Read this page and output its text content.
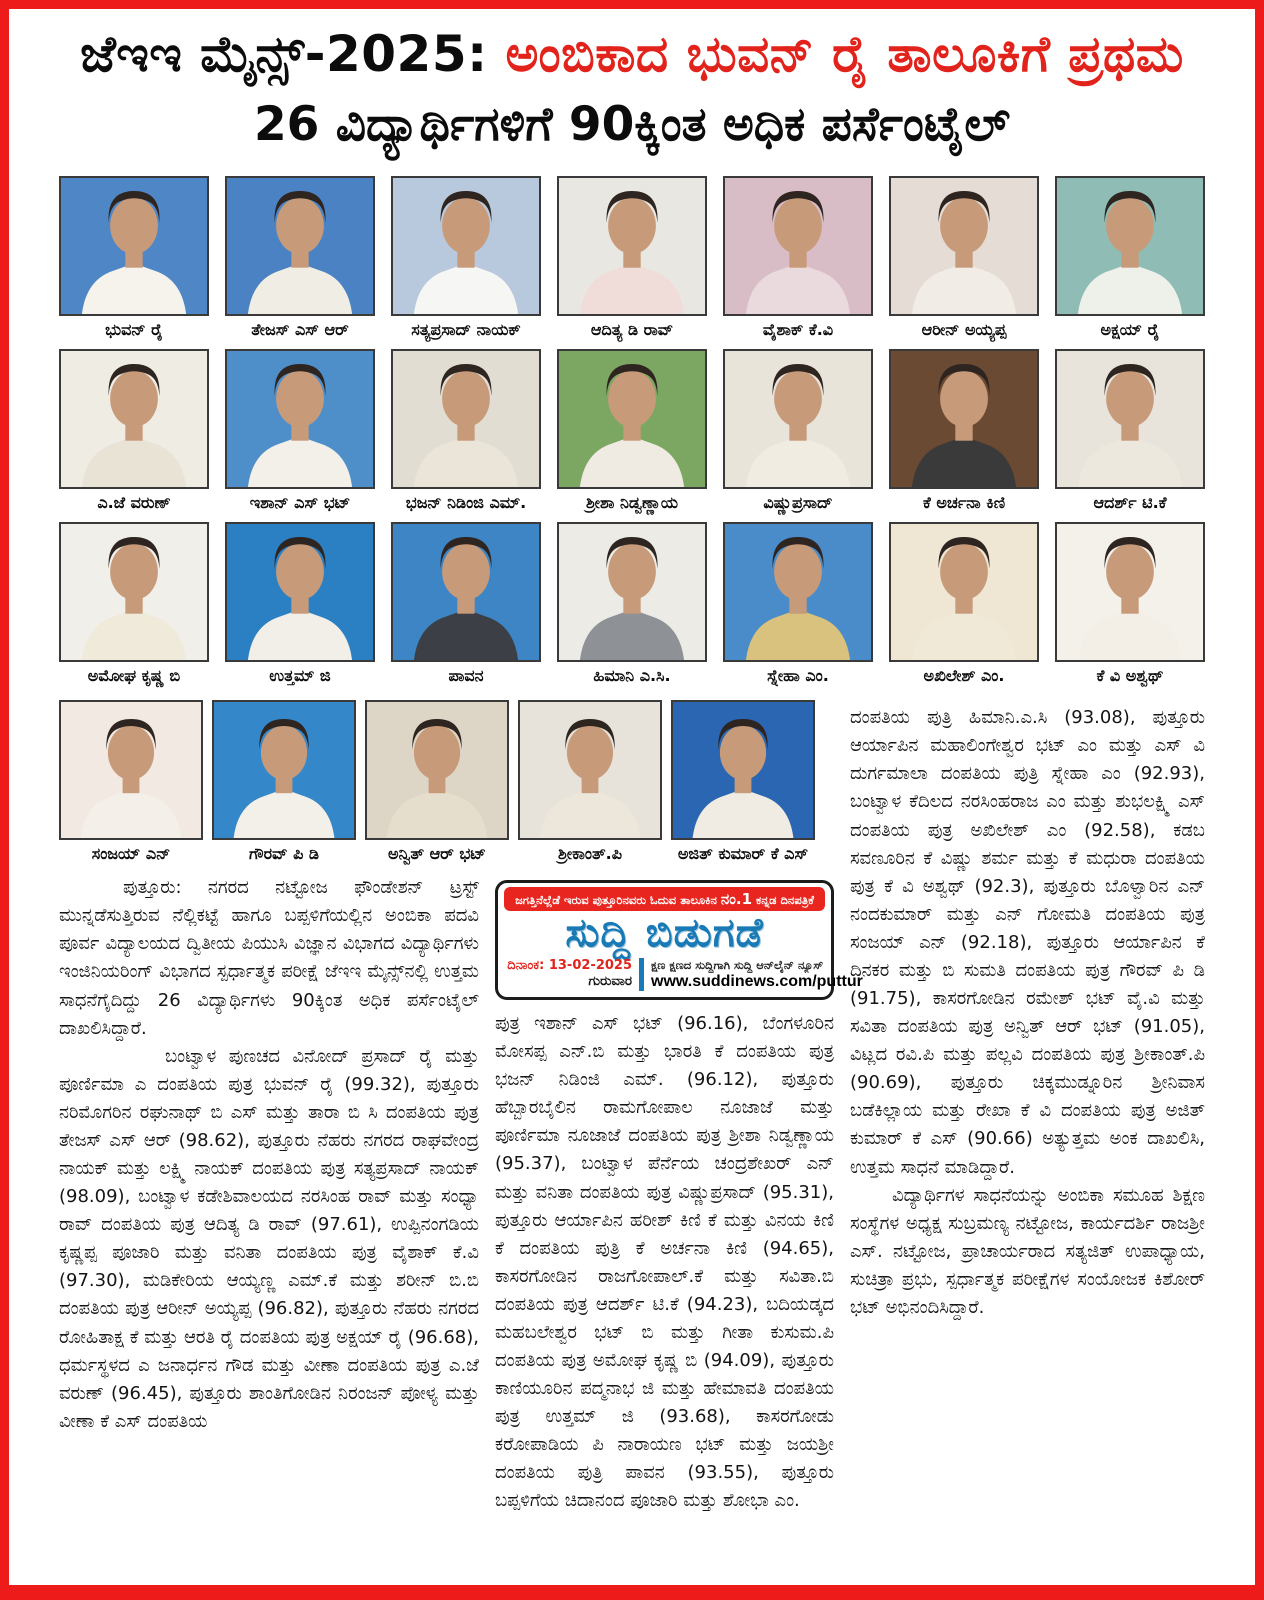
ಜೆಇಇ ಮೈನ್ಸ್-2025: ಅಂಬಿಕಾದ ಭುವನ್ ರೈ ತಾಲೂಕಿಗೆ ಪ್ರಥಮ
26 ವಿದ್ಯಾರ್ಥಿಗಳಿಗೆ 90ಕ್ಕಿಂತ ಅಧಿಕ ಪರ್ಸೆಂಟೈಲ್
ಭುವನ್ ರೈ	ತೇಜಸ್ ಎಸ್ ಆರ್	ಸತ್ಯಪ್ರಸಾದ್ ನಾಯಕ್	ಆದಿತ್ಯ ಡಿ ರಾವ್	ವೈಶಾಕ್ ಕೆ.ವಿ	ಆರೀನ್ ಅಯ್ಯಪ್ಪ	ಅಕ್ಷಯ್ ರೈ
ಎ.ಜೆ ವರುಣ್	ಇಶಾನ್ ಎಸ್ ಭಟ್	ಭಜನ್ ನಿಡಿಂಜಿ ಎಮ್.	ಶ್ರೀಶಾ ನಿಡ್ವಣ್ಣಾಯ	ವಿಷ್ಣುಪ್ರಸಾದ್	ಕೆ ಅರ್ಚನಾ ಕಿಣಿ	ಆದರ್ಶ್ ಟಿ.ಕೆ
ಅಮೋಘ ಕೃಷ್ಣ ಬಿ	ಉತ್ತಮ್ ಜಿ	ಪಾವನ	ಹಿಮಾನಿ ಎ.ಸಿ.	ಸ್ನೇಹಾ ಎಂ.	ಅಖಿಲೇಶ್ ಎಂ.	ಕೆ ವಿ ಅಶ್ವಥ್
ಸಂಜಯ್ ಎನ್	ಗೌರವ್ ಪಿ ಡಿ	ಅನ್ವಿತ್ ಆರ್ ಭಟ್	ಶ್ರೀಕಾಂತ್.ಪಿ	ಅಜಿತ್ ಕುಮಾರ್ ಕೆ ಎಸ್

ಪುತ್ತೂರು: ನಗರದ ನಟ್ಟೋಜ ಫೌಂಡೇಶನ್ ಟ್ರಸ್ಟ್ ಮುನ್ನಡೆಸುತ್ತಿರುವ ನೆಲ್ಲಿಕಟ್ಟೆ ಹಾಗೂ ಬಪ್ಪಳಿಗೆಯಲ್ಲಿನ ಅಂಬಿಕಾ ಪದವಿ ಪೂರ್ವ ವಿದ್ಯಾಲಯದ ದ್ವಿತೀಯ ಪಿಯುಸಿ ವಿಜ್ಞಾನ ವಿಭಾಗದ ವಿದ್ಯಾರ್ಥಿಗಳು ಇಂಜಿನಿಯರಿಂಗ್ ವಿಭಾಗದ ಸ್ಪರ್ಧಾತ್ಮಕ ಪರೀಕ್ಷೆ ಜೆಇಇ ಮೈನ್ಸ್‌ನಲ್ಲಿ ಉತ್ತಮ ಸಾಧನೆಗೈದಿದ್ದು 26 ವಿದ್ಯಾರ್ಥಿಗಳು 90ಕ್ಕಿಂತ ಅಧಿಕ ಪರ್ಸೆಂಟೈಲ್ ದಾಖಲಿಸಿದ್ದಾರೆ.

ಬಂಟ್ವಾಳ ಪುಣಚದ ವಿನೋದ್ ಪ್ರಸಾದ್ ರೈ ಮತ್ತು ಪೂರ್ಣಿಮಾ ಎ ದಂಪತಿಯ ಪುತ್ರ ಭುವನ್ ರೈ (99.32), ಪುತ್ತೂರು ನರಿಮೊಗರಿನ ರಘುನಾಥ್ ಬಿ ಎಸ್ ಮತ್ತು ತಾರಾ ಬಿ ಸಿ ದಂಪತಿಯ ಪುತ್ರ ತೇಜಸ್ ಎಸ್ ಆರ್ (98.62), ಪುತ್ತೂರು ನೆಹರು ನಗರದ ರಾಘವೇಂದ್ರ ನಾಯಕ್ ಮತ್ತು ಲಕ್ಷ್ಮಿ ನಾಯಕ್ ದಂಪತಿಯ ಪುತ್ರ ಸತ್ಯಪ್ರಸಾದ್ ನಾಯಕ್ (98.09), ಬಂಟ್ವಾಳ ಕಡೇಶಿವಾಲಯದ ನರಸಿಂಹ ರಾವ್ ಮತ್ತು ಸಂಧ್ಯಾ ರಾವ್ ದಂಪತಿಯ ಪುತ್ರ ಆದಿತ್ಯ ಡಿ ರಾವ್ (97.61), ಉಪ್ಪಿನಂಗಡಿಯ ಕೃಷ್ಣಪ್ಪ ಪೂಜಾರಿ ಮತ್ತು ವನಿತಾ ದಂಪತಿಯ ಪುತ್ರ ವೈಶಾಕ್ ಕೆ.ವಿ (97.30), ಮಡಿಕೇರಿಯ ಆಯ್ಯಣ್ಣ ಎಮ್.ಕೆ ಮತ್ತು ಶರೀನ್ ಬಿ.ಬಿ ದಂಪತಿಯ ಪುತ್ರ ಆರೀನ್ ಅಯ್ಯಪ್ಪ (96.82), ಪುತ್ತೂರು ನೆಹರು ನಗರದ ರೋಹಿತಾಕ್ಷ ಕೆ ಮತ್ತು ಆರತಿ ರೈ ದಂಪತಿಯ ಪುತ್ರ ಅಕ್ಷಯ್ ರೈ (96.68), ಧರ್ಮಸ್ಥಳದ ಎ ಜನಾರ್ಧನ ಗೌಡ ಮತ್ತು ವೀಣಾ ದಂಪತಿಯ ಪುತ್ರ ಎ.ಜೆ ವರುಣ್ (96.45), ಪುತ್ತೂರು ಶಾಂತಿಗೋಡಿನ ನಿರಂಜನ್ ಪೋಳ್ಯ ಮತ್ತು ವೀಣಾ ಕೆ ಎಸ್ ದಂಪತಿಯ

ಜಗತ್ತಿನೆಲ್ಲೆಡೆ ಇರುವ ಪುತ್ತೂರಿನವರು ಓದುವ ತಾಲೂಕಿನ ನಂ.1 ಕನ್ನಡ ದಿನಪತ್ರಿಕೆ
ಸುದ್ದಿ ಬಿಡುಗಡೆ
ದಿನಾಂಕ: 13-02-2025
ಗುರುವಾರ
ಕ್ಷಣ ಕ್ಷಣದ ಸುದ್ದಿಗಾಗಿ ಸುದ್ದಿ ಆನ್‌ಲೈನ್ ನ್ಯೂಸ್
www.suddinews.com/puttur

ಪುತ್ರ ಇಶಾನ್ ಎಸ್ ಭಟ್ (96.16), ಬೆಂಗಳೂರಿನ ಮೋಸಪ್ಪ ಎನ್.ಬಿ ಮತ್ತು ಭಾರತಿ ಕೆ ದಂಪತಿಯ ಪುತ್ರ ಭಜನ್ ನಿಡಿಂಜಿ ಎಮ್. (96.12), ಪುತ್ತೂರು ಹೆಬ್ಬಾರಬೈಲಿನ ರಾಮಗೋಪಾಲ ನೂಜಾಜೆ ಮತ್ತು ಪೂರ್ಣಿಮಾ ನೂಜಾಜೆ ದಂಪತಿಯ ಪುತ್ರ ಶ್ರೀಶಾ ನಿಡ್ವಣ್ಣಾಯ (95.37), ಬಂಟ್ವಾಳ ಪೆರ್ನೆಯ ಚಂದ್ರಶೇಖರ್ ಎನ್ ಮತ್ತು ವನಿತಾ ದಂಪತಿಯ ಪುತ್ರ ವಿಷ್ಣುಪ್ರಸಾದ್ (95.31), ಪುತ್ತೂರು ಆರ್ಯಾಪಿನ ಹರೀಶ್ ಕಿಣಿ ಕೆ ಮತ್ತು ವಿನಯ ಕಿಣಿ ಕೆ ದಂಪತಿಯ ಪುತ್ರಿ ಕೆ ಅರ್ಚನಾ ಕಿಣಿ (94.65), ಕಾಸರಗೋಡಿನ ರಾಜಗೋಪಾಲ್.ಕೆ ಮತ್ತು ಸವಿತಾ.ಬಿ ದಂಪತಿಯ ಪುತ್ರ ಆದರ್ಶ್ ಟಿ.ಕೆ (94.23), ಬದಿಯಡ್ಕದ ಮಹಬಲೇಶ್ವರ ಭಟ್ ಬಿ ಮತ್ತು ಗೀತಾ ಕುಸುಮ.ಪಿ ದಂಪತಿಯ ಪುತ್ರ ಅಮೋಘ ಕೃಷ್ಣ ಬಿ (94.09), ಪುತ್ತೂರು ಕಾಣಿಯೂರಿನ ಪದ್ಮನಾಭ ಜಿ ಮತ್ತು ಹೇಮಾವತಿ ದಂಪತಿಯ ಪುತ್ರ ಉತ್ತಮ್ ಜಿ (93.68), ಕಾಸರಗೋಡು ಕರೋಪಾಡಿಯ ಪಿ ನಾರಾಯಣ ಭಟ್ ಮತ್ತು ಜಯಶ್ರೀ ದಂಪತಿಯ ಪುತ್ರಿ ಪಾವನ (93.55), ಪುತ್ತೂರು ಬಪ್ಪಳಿಗೆಯ ಚಿದಾನಂದ ಪೂಜಾರಿ ಮತ್ತು ಶೋಭಾ ಎಂ.

ದಂಪತಿಯ ಪುತ್ರಿ ಹಿಮಾನಿ.ಎ.ಸಿ (93.08), ಪುತ್ತೂರು ಆರ್ಯಾಪಿನ ಮಹಾಲಿಂಗೇಶ್ವರ ಭಟ್ ಎಂ ಮತ್ತು ಎಸ್ ವಿ ದುರ್ಗಮಾಲಾ ದಂಪತಿಯ ಪುತ್ರಿ ಸ್ನೇಹಾ ಎಂ (92.93), ಬಂಟ್ವಾಳ ಕೆದಿಲದ ನರಸಿಂಹರಾಜ ಎಂ ಮತ್ತು ಶುಭಲಕ್ಷ್ಮಿ ಎಸ್ ದಂಪತಿಯ ಪುತ್ರ ಅಖಿಲೇಶ್ ಎಂ (92.58), ಕಡಬ ಸವಣೂರಿನ ಕೆ ವಿಷ್ಣು ಶರ್ಮ ಮತ್ತು ಕೆ ಮಧುರಾ ದಂಪತಿಯ ಪುತ್ರ ಕೆ ವಿ ಅಶ್ವಥ್ (92.3), ಪುತ್ತೂರು ಬೊಳ್ವಾರಿನ ಎನ್ ನಂದಕುಮಾರ್ ಮತ್ತು ಎನ್ ಗೋಮತಿ ದಂಪತಿಯ ಪುತ್ರ ಸಂಜಯ್ ಎನ್ (92.18), ಪುತ್ತೂರು ಆರ್ಯಾಪಿನ ಕೆ ದಿನಕರ ಮತ್ತು ಬಿ ಸುಮತಿ ದಂಪತಿಯ ಪುತ್ರ ಗೌರವ್ ಪಿ ಡಿ (91.75), ಕಾಸರಗೋಡಿನ ರಮೇಶ್ ಭಟ್ ವೈ.ವಿ ಮತ್ತು ಸವಿತಾ ದಂಪತಿಯ ಪುತ್ರ ಅನ್ವಿತ್ ಆರ್ ಭಟ್ (91.05), ವಿಟ್ಲದ ರವಿ.ಪಿ ಮತ್ತು ಪಲ್ಲವಿ ದಂಪತಿಯ ಪುತ್ರ ಶ್ರೀಕಾಂತ್.ಪಿ (90.69), ಪುತ್ತೂರು ಚಿಕ್ಕಮುಡ್ನೂರಿನ ಶ್ರೀನಿವಾಸ ಬಡೆಕಿಲ್ಲಾಯ ಮತ್ತು ರೇಖಾ ಕೆ ವಿ ದಂಪತಿಯ ಪುತ್ರ ಅಜಿತ್ ಕುಮಾರ್ ಕೆ ಎಸ್ (90.66) ಅತ್ಯುತ್ತಮ ಅಂಕ ದಾಖಲಿಸಿ, ಉತ್ತಮ ಸಾಧನೆ ಮಾಡಿದ್ದಾರೆ.

ವಿದ್ಯಾರ್ಥಿಗಳ ಸಾಧನೆಯನ್ನು ಅಂಬಿಕಾ ಸಮೂಹ ಶಿಕ್ಷಣ ಸಂಸ್ಥೆಗಳ ಅಧ್ಯಕ್ಷ ಸುಬ್ರಮಣ್ಯ ನಟ್ಟೋಜ, ಕಾರ್ಯದರ್ಶಿ ರಾಜಶ್ರೀ ಎಸ್. ನಟ್ಟೋಜ, ಪ್ರಾಚಾರ್ಯರಾದ ಸತ್ಯಜಿತ್ ಉಪಾಧ್ಯಾಯ, ಸುಚಿತ್ರಾ ಪ್ರಭು, ಸ್ಪರ್ಧಾತ್ಮಕ ಪರೀಕ್ಷೆಗಳ ಸಂಯೋಜಕ ಕಿಶೋರ್ ಭಟ್ ಅಭಿನಂದಿಸಿದ್ದಾರೆ.
